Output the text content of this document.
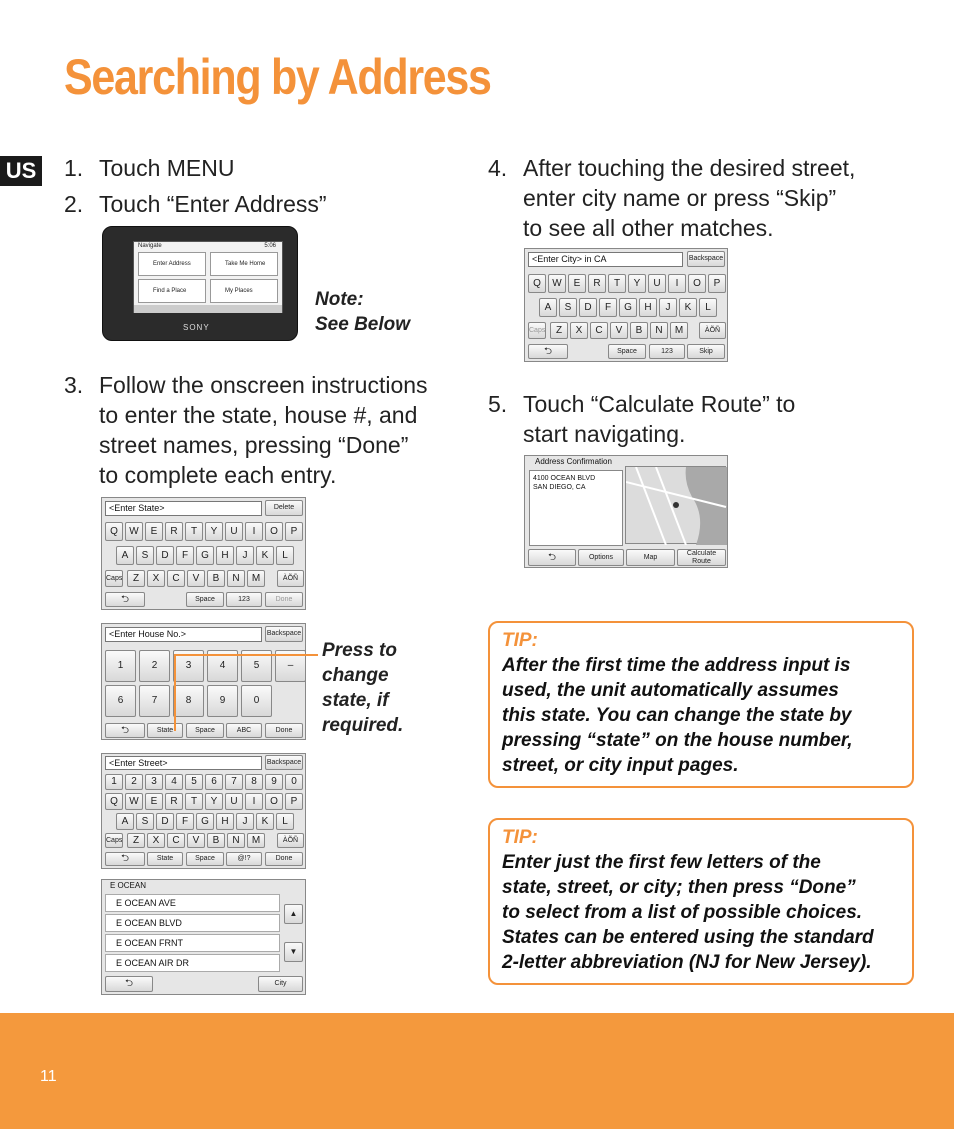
Searching by Address
US 1. Touch MENU
2. Touch “Enter Address”
3. Follow the onscreen instructions
to enter the state, house #, and
street names, pressing “Done”
to complete each entry.
4. After touching the desired street,
enter city name or press “Skip”
to see all other matches.
5. Touch “Calculate Route” to
start navigating.
Note:
See Below
Press to
change
state, if
required.
Navigate	5:06
Enter Address	Take Me Home
Find a Place	My Places
SONY
<Enter State>	Delete
Q	W	E	R	T	Y	U	I	O	P
A	S	D	F	G	H	J	K	L
Z	X	C	V	B	N	M
Caps	ÀÕÑ
⮌	Space	123	Done
<Enter House No.>	Backspace
1	2	3	4	5	–
6	7	8	9	0
⮌	State	Space	ABC	Done
<Enter Street>	Backspace
1	2	3	4	5	6	7	8	9	0
Q	W	E	R	T	Y	U	I	O	P
A	S	D	F	G	H	J	K	L
Z	X	C	V	B	N	M
Caps	ÀÕÑ
⮌	State	Space	@!?	Done
E OCEAN
E OCEAN AVE
E OCEAN BLVD
E OCEAN FRNT
E OCEAN AIR DR
▲
▼
⮌	City
<Enter City> in CA	Backspace
Q	W	E	R	T	Y	U	I	O	P
A	S	D	F	G	H	J	K	L
Z	X	C	V	B	N	M
Caps	ÀÕÑ
⮌	Space	123	Skip
Address Confirmation
4100 OCEAN BLVD
SAN DIEGO, CA
⮌	Options	Map
Calculate
Route
TIP:
After the first time the address input is
used, the unit automatically assumes
this state. You can change the state by
pressing “state” on the house number,
street, or city input pages.
TIP:
Enter just the first few letters of the
state, street, or city; then press “Done”
to select from a list of possible choices.
States can be entered using the standard
2-letter abbreviation (NJ for New Jersey).
11
